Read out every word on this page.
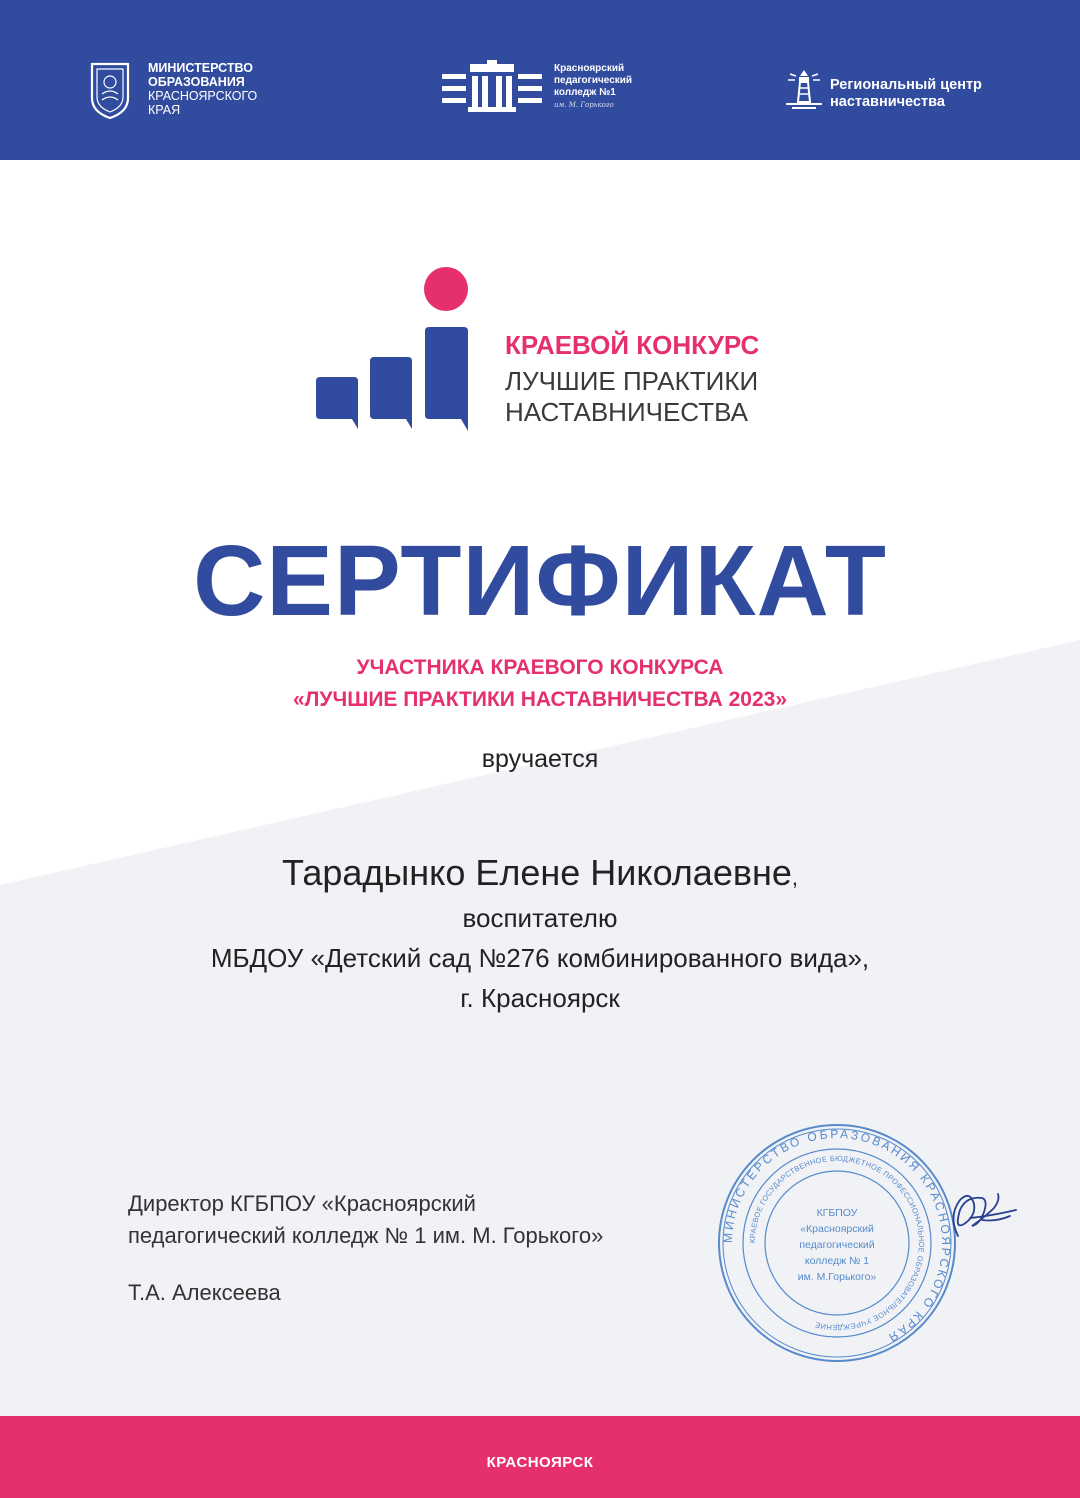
МИНИСТЕРСТВО
ОБРАЗОВАНИЯ
КРАСНОЯРСКОГО
КРАЯ
Красноярский
педагогический
колледж №1
им. М. Горького
Региональный центр
наставничества
КРАЕВОЙ КОНКУРС
ЛУЧШИЕ ПРАКТИКИ
НАСТАВНИЧЕСТВА
СЕРТИФИКАТ
УЧАСТНИКА КРАЕВОГО КОНКУРСА
«ЛУЧШИЕ ПРАКТИКИ НАСТАВНИЧЕСТВА 2023»
вручается
Тарадынко Елене Николаевне,
воспитателю
МБДОУ «Детский сад №276 комбинированного вида»,
г. Красноярск
Директор КГБПОУ «Красноярский
педагогический колледж № 1 им. М. Горького»
Т.А. Алексеева
МИНИСТЕРСТВО ОБРАЗОВАНИЯ КРАСНОЯРСКОГО КРАЯ
КРАЕВОЕ ГОСУДАРСТВЕННОЕ БЮДЖЕТНОЕ ПРОФЕССИОНАЛЬНОЕ ОБРАЗОВАТЕЛЬНОЕ УЧРЕЖДЕНИЕ
КГБПОУ
«Красноярский
педагогический
колледж № 1
им. М.Горького»
КРАСНОЯРСК
